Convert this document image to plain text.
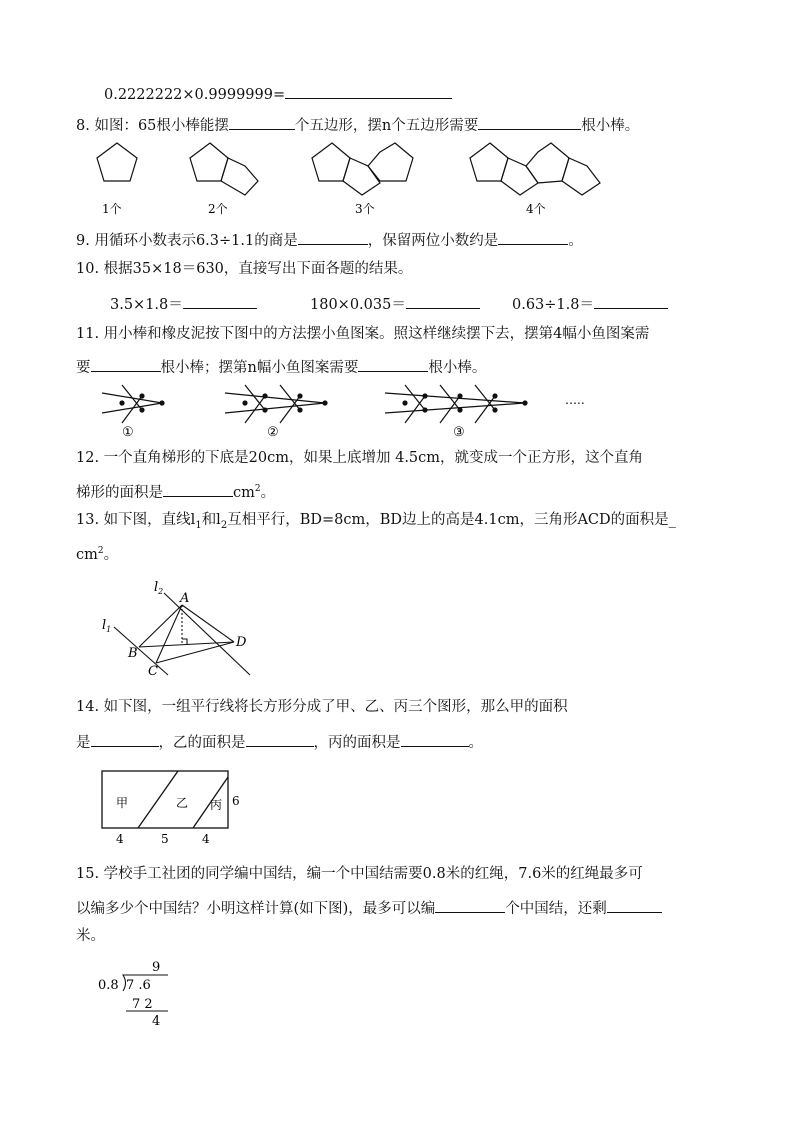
0.2222222×0.9999999=
8. 如图：65根小棒能摆	个五边形，摆n个五边形需要	根小棒。
1个	2个	3个	4个
9. 用循环小数表示6.3÷1.1的商是	，保留两位小数约是	。
10. 根据35×18＝630，直接写出下面各题的结果。
3.5×1.8＝	180×0.035＝	0.63÷1.8＝
11. 用小棒和橡皮泥按下图中的方法摆小鱼图案。照这样继续摆下去，摆第4幅小鱼图案需
要	根小棒；摆第n幅小鱼图案需要	根小棒。
…..
①	②	③
12. 一个直角梯形的下底是20cm，如果上底增加 4.5cm，就变成一个正方形，这个直角
梯形的面积是	$cm^2$。
13. 如下图，直线$l_1$和$l_2$互相平行，BD=8cm，BD边上的高是4.1cm，三角形ACD的面积是_
$cm^2$。
$l_2$
$l_1$
A
B
C
D
14. 如下图，一组平行线将长方形分成了甲、乙、丙三个图形，那么甲的面积
是	，乙的面积是	，丙的面积是	。
甲	乙 丙 6
4	5	4
15. 学校手工社团的同学编中国结，编一个中国结需要0.8米的红绳，7.6米的红绳最多可
以编多少个中国结？小明这样计算(如下图)，最多可以编	个中国结，还剩
米。
9
0.8 7 .6
7 2
4
